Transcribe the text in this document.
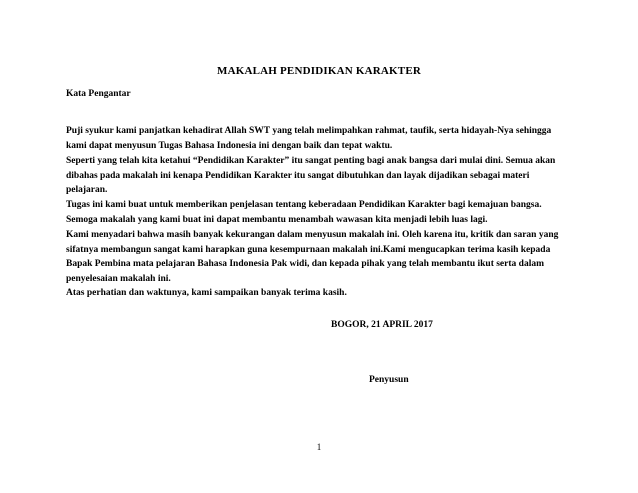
MAKALAH PENDIDIKAN KARAKTER
Kata Pengantar

Puji syukur kami panjatkan kehadirat Allah SWT yang telah melimpahkan rahmat, taufik, serta hidayah-Nya sehingga kami dapat menyusun Tugas Bahasa Indonesia ini dengan baik dan tepat waktu.

Seperti yang telah kita ketahui “Pendidikan Karakter” itu sangat penting bagi anak bangsa dari mulai dini. Semua akan dibahas pada makalah ini kenapa Pendidikan Karakter itu sangat dibutuhkan dan layak dijadikan sebagai materi pelajaran.

Tugas ini kami buat untuk memberikan penjelasan tentang keberadaan Pendidikan Karakter bagi kemajuan bangsa. Semoga makalah yang kami buat ini dapat membantu menambah wawasan kita menjadi lebih luas lagi.

Kami menyadari bahwa masih banyak kekurangan dalam menyusun makalah ini. Oleh karena itu, kritik dan saran yang sifatnya membangun sangat kami harapkan guna kesempurnaan makalah ini.Kami mengucapkan terima kasih kepada Bapak Pembina mata pelajaran Bahasa Indonesia Pak widi, dan kepada pihak yang telah membantu ikut serta dalam penyelesaian makalah ini.

Atas perhatian dan waktunya, kami sampaikan banyak terima kasih.

BOGOR, 21 APRIL 2017
Penyusun
1
